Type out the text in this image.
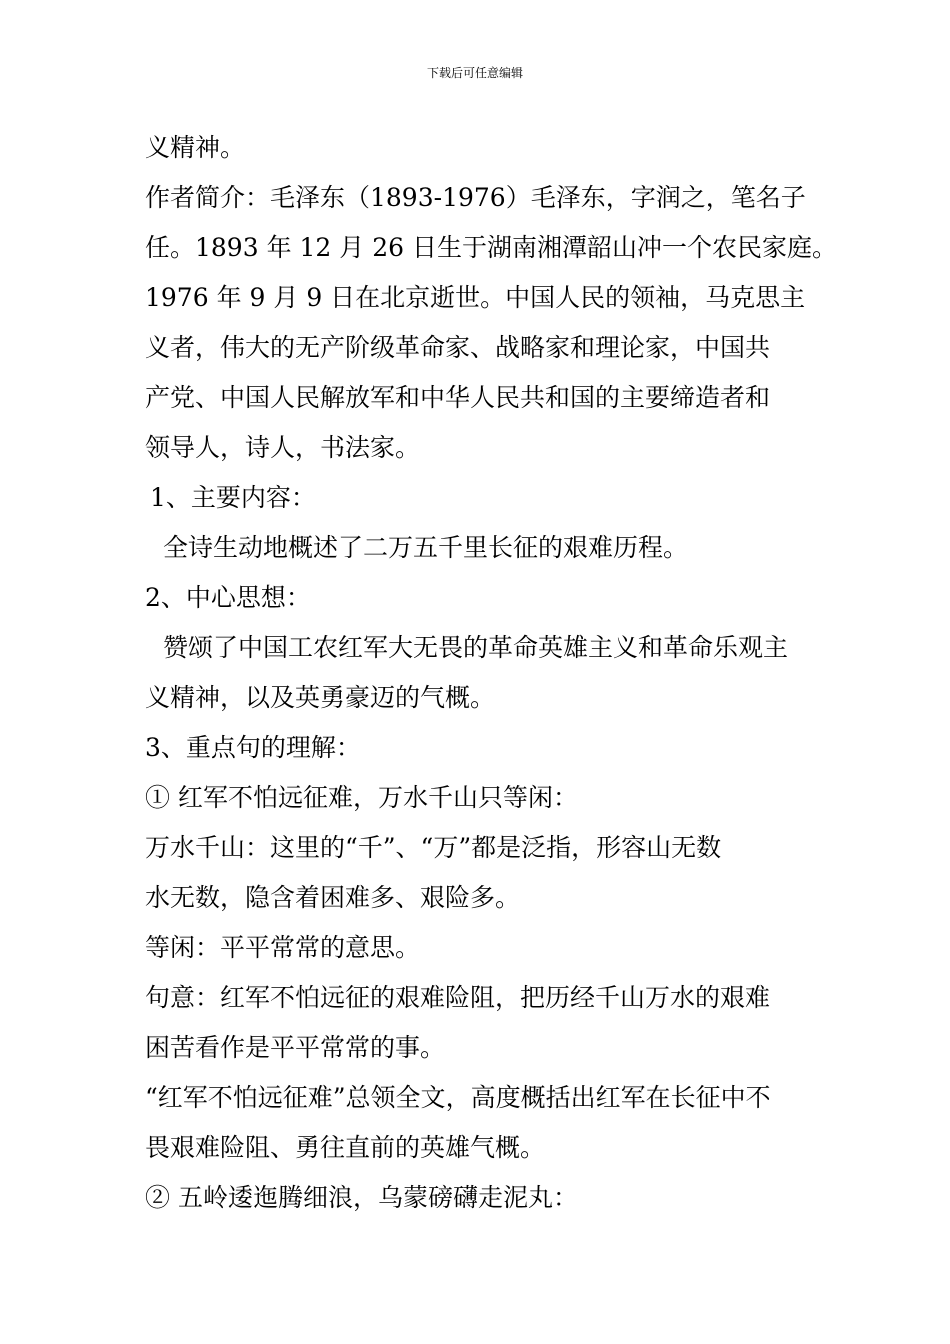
下载后可任意编辑
义精神。
作者简介：毛泽东（1893-1976）毛泽东，字润之，笔名子
任。1893 年 12 月 26 日生于湖南湘潭韶山冲一个农民家庭。
1976 年 9 月 9 日在北京逝世。中国人民的领袖，马克思主
义者，伟大的无产阶级革命家、战略家和理论家，中国共
产党、中国人民解放军和中华人民共和国的主要缔造者和
领导人，诗人，书法家。
1、主要内容：
全诗生动地概述了二万五千里长征的艰难历程。
2、中心思想：
赞颂了中国工农红军大无畏的革命英雄主义和革命乐观主
义精神，以及英勇豪迈的气概。
3、重点句的理解：
① 红军不怕远征难，万水千山只等闲：
万水千山：这里的“千”、“万”都是泛指，形容山无数
水无数，隐含着困难多、艰险多。
等闲：平平常常的意思。
句意：红军不怕远征的艰难险阻，把历经千山万水的艰难
困苦看作是平平常常的事。
“红军不怕远征难”总领全文，高度概括出红军在长征中不
畏艰难险阻、勇往直前的英雄气概。
② 五岭逶迤腾细浪，乌蒙磅礴走泥丸：
